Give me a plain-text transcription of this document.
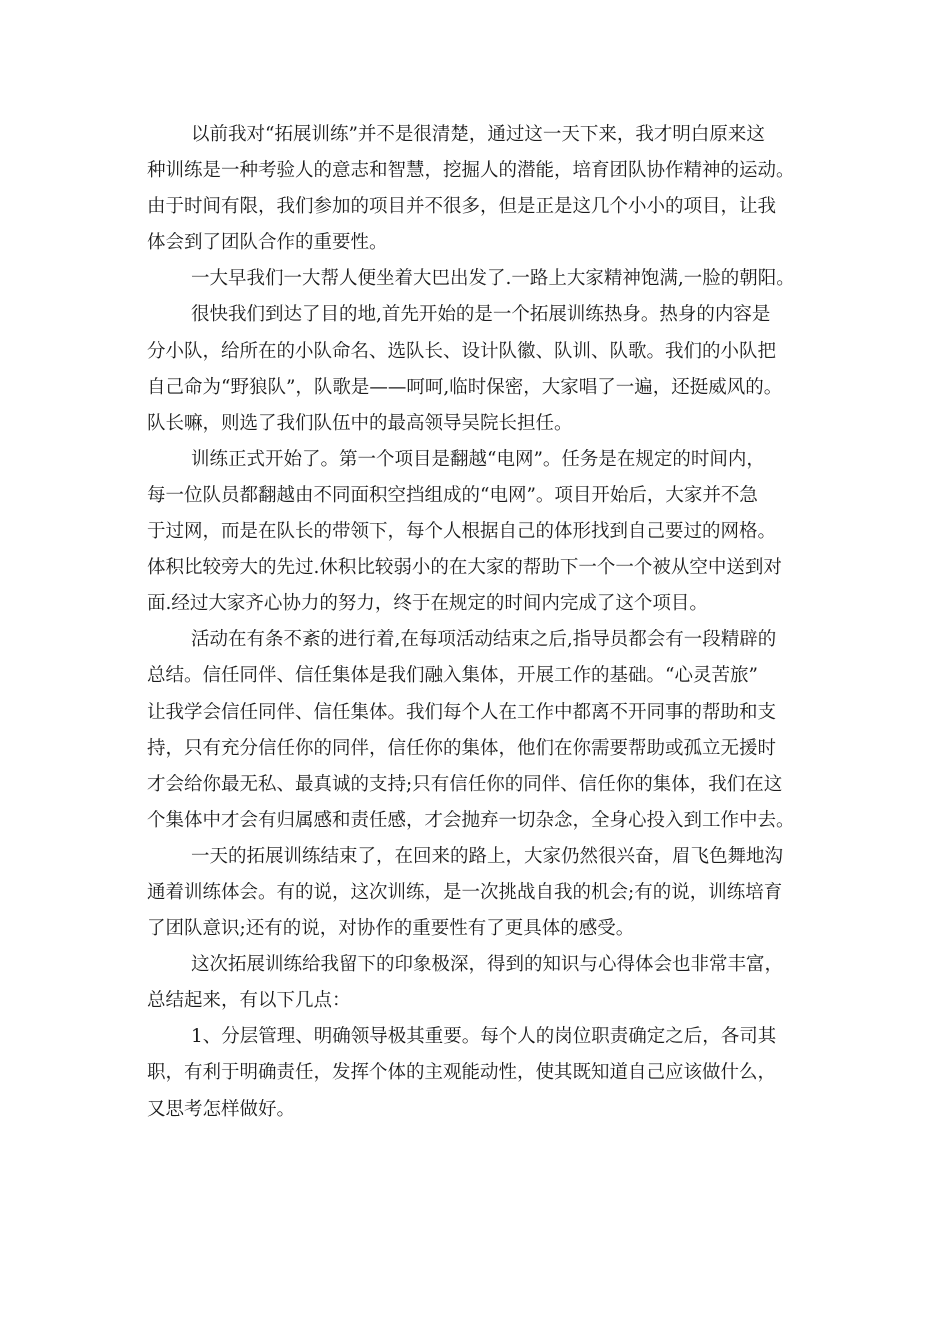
以前我对“拓展训练”并不是很清楚，通过这一天下来，我才明白原来这

种训练是一种考验人的意志和智慧，挖掘人的潜能，培育团队协作精神的运动。

由于时间有限，我们参加的项目并不很多，但是正是这几个小小的项目，让我

体会到了团队合作的重要性。

一大早我们一大帮人便坐着大巴出发了.一路上大家精神饱满,一脸的朝阳。

很快我们到达了目的地,首先开始的是一个拓展训练热身。热身的内容是

分小队，给所在的小队命名、选队长、设计队徽、队训、队歌。我们的小队把

自己命为“野狼队”，队歌是——呵呵,临时保密，大家唱了一遍，还挺威风的。

队长嘛，则选了我们队伍中的最高领导吴院长担任。

训练正式开始了。第一个项目是翻越“电网”。任务是在规定的时间内，

每一位队员都翻越由不同面积空挡组成的“电网”。项目开始后，大家并不急

于过网，而是在队长的带领下，每个人根据自己的体形找到自己要过的网格。

体积比较旁大的先过.休积比较弱小的在大家的帮助下一个一个被从空中送到对

面.经过大家齐心协力的努力，终于在规定的时间内完成了这个项目。

活动在有条不紊的进行着,在每项活动结束之后,指导员都会有一段精辟的

总结。信任同伴、信任集体是我们融入集体，开展工作的基础。“心灵苦旅”

让我学会信任同伴、信任集体。我们每个人在工作中都离不开同事的帮助和支

持，只有充分信任你的同伴，信任你的集体，他们在你需要帮助或孤立无援时

才会给你最无私、最真诚的支持;只有信任你的同伴、信任你的集体，我们在这

个集体中才会有归属感和责任感，才会抛弃一切杂念，全身心投入到工作中去。

一天的拓展训练结束了，在回来的路上，大家仍然很兴奋，眉飞色舞地沟

通着训练体会。有的说，这次训练，是一次挑战自我的机会;有的说，训练培育

了团队意识;还有的说，对协作的重要性有了更具体的感受。

这次拓展训练给我留下的印象极深，得到的知识与心得体会也非常丰富，

总结起来，有以下几点：

1、分层管理、明确领导极其重要。每个人的岗位职责确定之后，各司其

职，有利于明确责任，发挥个体的主观能动性，使其既知道自己应该做什么，

又思考怎样做好。
